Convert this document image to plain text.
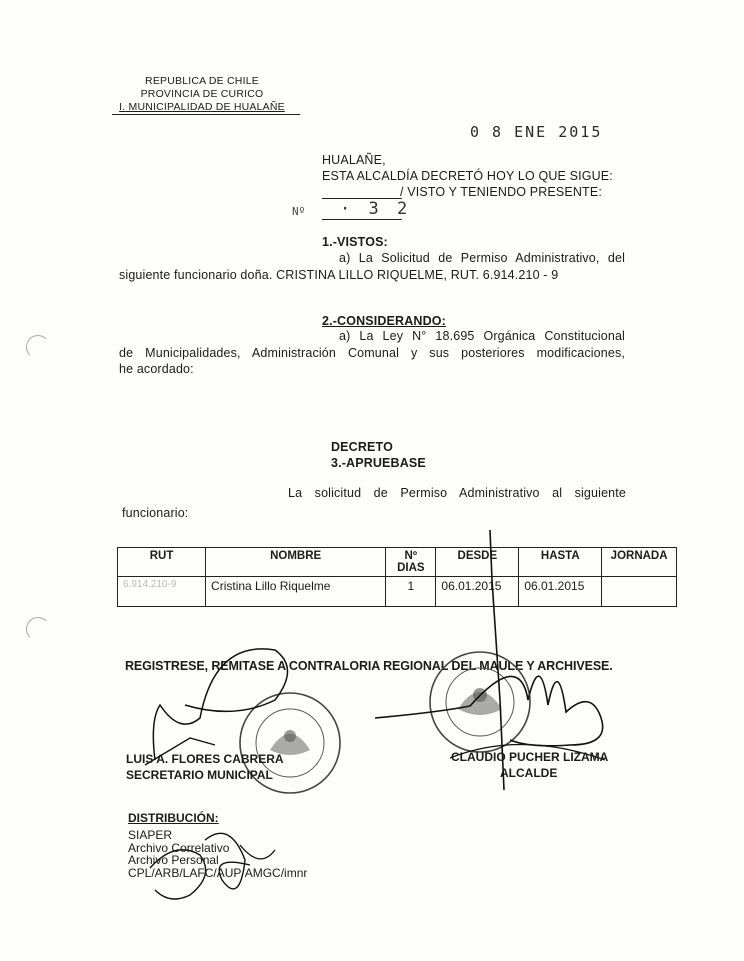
REPUBLICA DE CHILE
PROVINCIA DE CURICO
I. MUNICIPALIDAD DE HUALAÑE
0 8 ENE 2015
HUALAÑE,
ESTA ALCALDÍA DECRETÓ HOY LO QUE SIGUE:
/ VISTO Y TENIENDO PRESENTE:
Nº · 3 2
1.-VISTOS:
a) La Solicitud de Permiso Administrativo, del
siguiente funcionario doña. CRISTINA LILLO RIQUELME, RUT. 6.914.210 - 9
2.-CONSIDERANDO:
a) La Ley N° 18.695 Orgánica Constitucional
de Municipalidades, Administración Comunal y sus posteriores modificaciones,
he acordado:
DECRETO
3.-APRUEBASE
La solicitud de Permiso Administrativo al siguiente
funcionario:
RUT	NOMBRE	Nº DIAS	DESDE	HASTA	JORNADA
6.914.210-9	Cristina Lillo Riquelme	1	06.01.2015	06.01.2015	
REGISTRESE, REMITASE A CONTRALORIA REGIONAL DEL MAULE Y ARCHIVESE.
LUIS A. FLORES CABRERA
SECRETARIO MUNICIPAL
CLAUDIO PUCHER LIZAMA
ALCALDE
DISTRIBUCIÓN:
SIAPER
Archivo Correlativo
Archivo Personal
CPL/ARB/LAFC/AUP/AMGC/imnr
